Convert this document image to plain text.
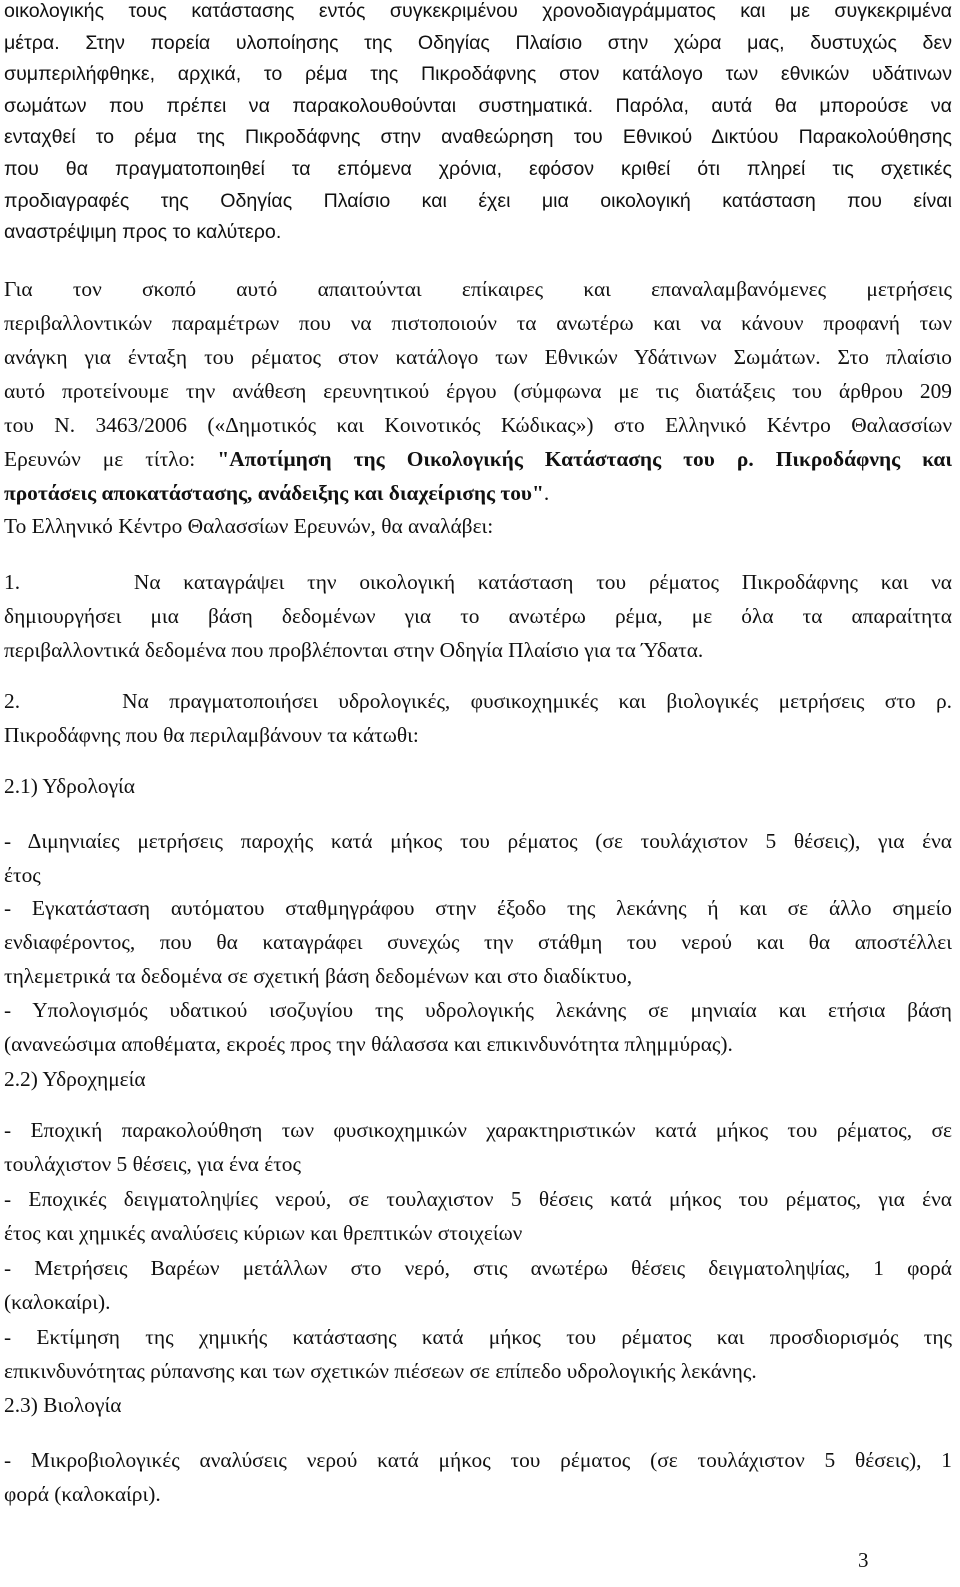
οικολογικής τους κατάστασης εντός συγκεκριμένου χρονοδιαγράμματος και με συγκεκριμένα
μέτρα. Στην πορεία υλοποίησης της Οδηγίας Πλαίσιο στην χώρα μας, δυστυχώς δεν
συμπεριλήφθηκε, αρχικά, το ρέμα της Πικροδάφνης στον κατάλογο των εθνικών υδάτινων
σωμάτων που πρέπει να παρακολουθούνται συστηματικά. Παρόλα, αυτά θα μπορούσε να
ενταχθεί το ρέμα της Πικροδάφνης στην αναθεώρηση του Εθνικού Δικτύου Παρακολούθησης
που θα πραγματοποιηθεί τα επόμενα χρόνια, εφόσον κριθεί ότι πληρεί τις σχετικές
προδιαγραφές της Οδηγίας Πλαίσιο και έχει μια οικολογική κατάσταση που είναι
αναστρέψιμη προς το καλύτερο.

Για τον σκοπό αυτό απαιτούνται επίκαιρες και επαναλαμβανόμενες μετρήσεις
περιβαλλοντικών παραμέτρων που να πιστοποιούν τα ανωτέρω και να κάνουν προφανή των
ανάγκη για ένταξη του ρέματος στον κατάλογο των Εθνικών Υδάτινων Σωμάτων. Στο πλαίσιο
αυτό προτείνουμε την ανάθεση ερευνητικού έργου (σύμφωνα με τις διατάξεις του άρθρου 209
του Ν. 3463/2006 («Δημοτικός και Κοινοτικός Κώδικας») στο Ελληνικό Κέντρο Θαλασσίων
Ερευνών με τίτλο: "Αποτίμηση της Οικολογικής Κατάστασης του ρ. Πικροδάφνης και
προτάσεις αποκατάστασης, ανάδειξης και διαχείρισης του".

Το Ελληνικό Κέντρο Θαλασσίων Ερευνών, θα αναλάβει:

1.     Να καταγράψει την οικολογική κατάσταση του ρέματος Πικροδάφνης και να
δημιουργήσει μια βάση δεδομένων για το ανωτέρω ρέμα, με όλα τα απαραίτητα
περιβαλλοντικά δεδομένα που προβλέπονται στην Οδηγία Πλαίσιο για τα Ύδατα.

2.     Να πραγματοποιήσει υδρολογικές, φυσικοχημικές και βιολογικές μετρήσεις στο ρ.
Πικροδάφνης που θα περιλαμβάνουν τα κάτωθι:

2.1) Υδρολογία

- Διμηνιαίες μετρήσεις παροχής κατά μήκος του ρέματος (σε τουλάχιστον 5 θέσεις), για ένα
έτος

- Εγκατάσταση αυτόματου σταθμηγράφου στην έξοδο της λεκάνης ή και σε άλλο σημείο
ενδιαφέροντος, που θα καταγράφει συνεχώς την στάθμη του νερού και θα αποστέλλει
τηλεμετρικά τα δεδομένα σε σχετική βάση δεδομένων και στο διαδίκτυο,

- Υπολογισμός υδατικού ισοζυγίου της υδρολογικής λεκάνης σε μηνιαία και ετήσια βάση
(ανανεώσιμα αποθέματα, εκροές προς την θάλασσα και επικινδυνότητα πλημμύρας).

2.2) Υδροχημεία

- Εποχική παρακολούθηση των φυσικοχημικών χαρακτηριστικών κατά μήκος του ρέματος, σε
τουλάχιστον 5 θέσεις, για ένα έτος

- Εποχικές δειγματοληψίες νερού, σε τουλαχιστον 5 θέσεις κατά μήκος του ρέματος, για ένα
έτος και χημικές αναλύσεις κύριων και θρεπτικών στοιχείων

- Μετρήσεις Βαρέων μετάλλων στο νερό, στις ανωτέρω θέσεις δειγματοληψίας, 1 φορά
(καλοκαίρι).

- Εκτίμηση της χημικής κατάστασης κατά μήκος του ρέματος και προσδιορισμός της
επικινδυνότητας ρύπανσης και των σχετικών πιέσεων σε επίπεδο υδρολογικής λεκάνης.

2.3) Βιολογία

- Μικροβιολογικές αναλύσεις νερού κατά μήκος του ρέματος (σε τουλάχιστον 5 θέσεις), 1
φορά (καλοκαίρι).

3
